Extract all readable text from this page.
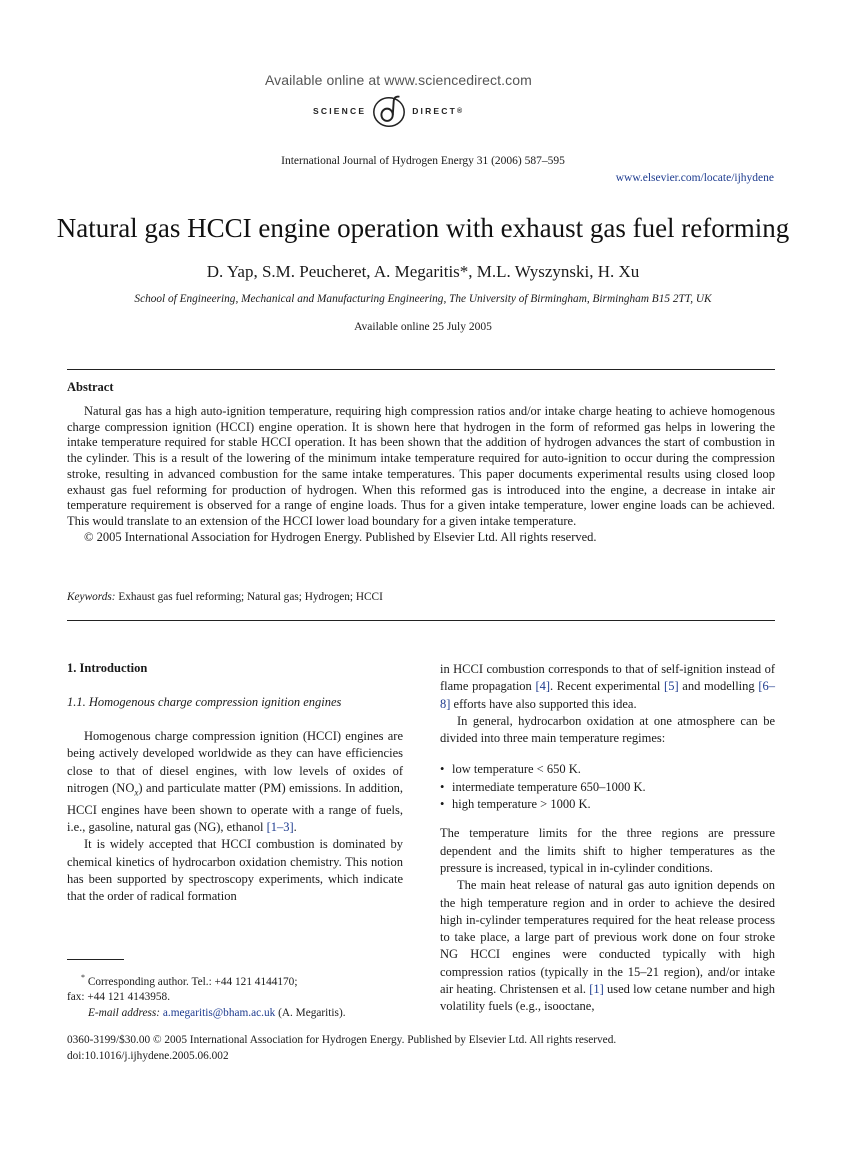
Available online at www.sciencedirect.com
SCIENCE	DIRECT ®
International Journal of Hydrogen Energy 31 (2006) 587–595
www.elsevier.com/locate/ijhydene
Natural gas HCCI engine operation with exhaust gas fuel reforming
D. Yap, S.M. Peucheret, A. Megaritis*, M.L. Wyszynski, H. Xu
School of Engineering, Mechanical and Manufacturing Engineering, The University of Birmingham, Birmingham B15 2TT, UK
Available online 25 July 2005
Abstract

Natural gas has a high auto-ignition temperature, requiring high compression ratios and/or intake charge heating to achieve homogenous charge compression ignition (HCCI) engine operation. It is shown here that hydrogen in the form of reformed gas helps in lowering the intake temperature required for stable HCCI operation. It has been shown that the addition of hydrogen advances the start of combustion in the cylinder. This is a result of the lowering of the minimum intake temperature required for auto-ignition to occur during the compression stroke, resulting in advanced combustion for the same intake temperatures. This paper documents experimental results using closed loop exhaust gas fuel reforming for production of hydrogen. When this reformed gas is introduced into the engine, a decrease in intake air temperature requirement is observed for a range of engine loads. Thus for a given intake temperature, lower engine loads can be achieved. This would translate to an extension of the HCCI lower load boundary for a given intake temperature.

© 2005 International Association for Hydrogen Energy. Published by Elsevier Ltd. All rights reserved.

Keywords: Exhaust gas fuel reforming; Natural gas; Hydrogen; HCCI
1. Introduction
1.1. Homogenous charge compression ignition engines

Homogenous charge compression ignition (HCCI) engines are being actively developed worldwide as they can have efficiencies close to that of diesel engines, with low levels of oxides of nitrogen $(NO_x)$ and particulate matter (PM) emissions. In addition, HCCI engines have been shown to operate with a range of fuels, i.e., gasoline, natural gas (NG), ethanol [1–3].

It is widely accepted that HCCI combustion is dominated by chemical kinetics of hydrocarbon oxidation chemistry. This notion has been supported by spectroscopy experiments, which indicate that the order of radical formation

in HCCI combustion corresponds to that of self-ignition instead of flame propagation [4]. Recent experimental [5] and modelling [6–8] efforts have also supported this idea.

In general, hydrocarbon oxidation at one atmosphere can be divided into three main temperature regimes:

• low temperature < 650 K.
• intermediate temperature 650–1000 K.
• high temperature > 1000 K.

The temperature limits for the three regions are pressure dependent and the limits shift to higher temperatures as the pressure is increased, typical in in-cylinder conditions.

The main heat release of natural gas auto ignition depends on the high temperature region and in order to achieve the desired high in-cylinder temperatures required for the heat release process to take place, a large part of previous work done on four stroke NG HCCI engines were conducted typically with high compression ratios (typically in the 15–21 region), and/or intake air heating. Christensen et al. [1] used low cetane number and high volatility fuels (e.g., isooctane,

* Corresponding author. Tel.: +44 121 4144170;
fax: +44 121 4143958.
E-mail address: a.megaritis@bham.ac.uk (A. Megaritis).
0360-3199/$30.00 © 2005 International Association for Hydrogen Energy. Published by Elsevier Ltd. All rights reserved.
doi:10.1016/j.ijhydene.2005.06.002
